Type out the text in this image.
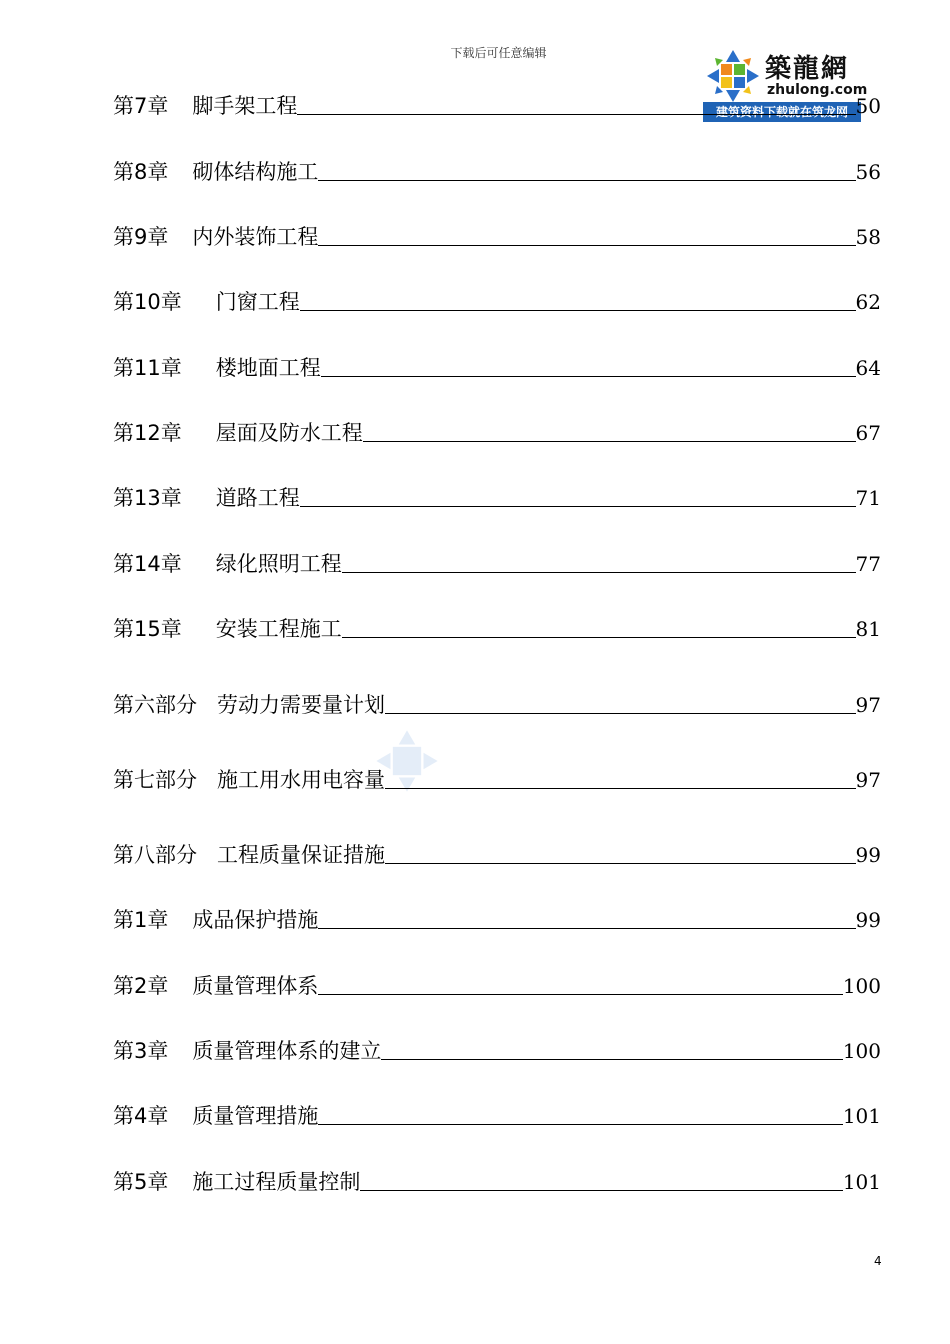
下载后可任意编辑
築龍網
zhulong.com
建筑资料下载就在筑龙网
第7章 脚手架工程	50
第8章 砌体结构施工	56
第9章 内外装饰工程	58
第10章 门窗工程	62
第11章 楼地面工程	64
第12章 屋面及防水工程	67
第13章 道路工程	71
第14章 绿化照明工程	77
第15章 安装工程施工	81
第六部分 劳动力需要量计划	97
第七部分 施工用水用电容量	97
第八部分 工程质量保证措施	99
第1章 成品保护措施	99
第2章 质量管理体系	100
第3章 质量管理体系的建立	100
第4章 质量管理措施	101
第5章 施工过程质量控制	101
4
